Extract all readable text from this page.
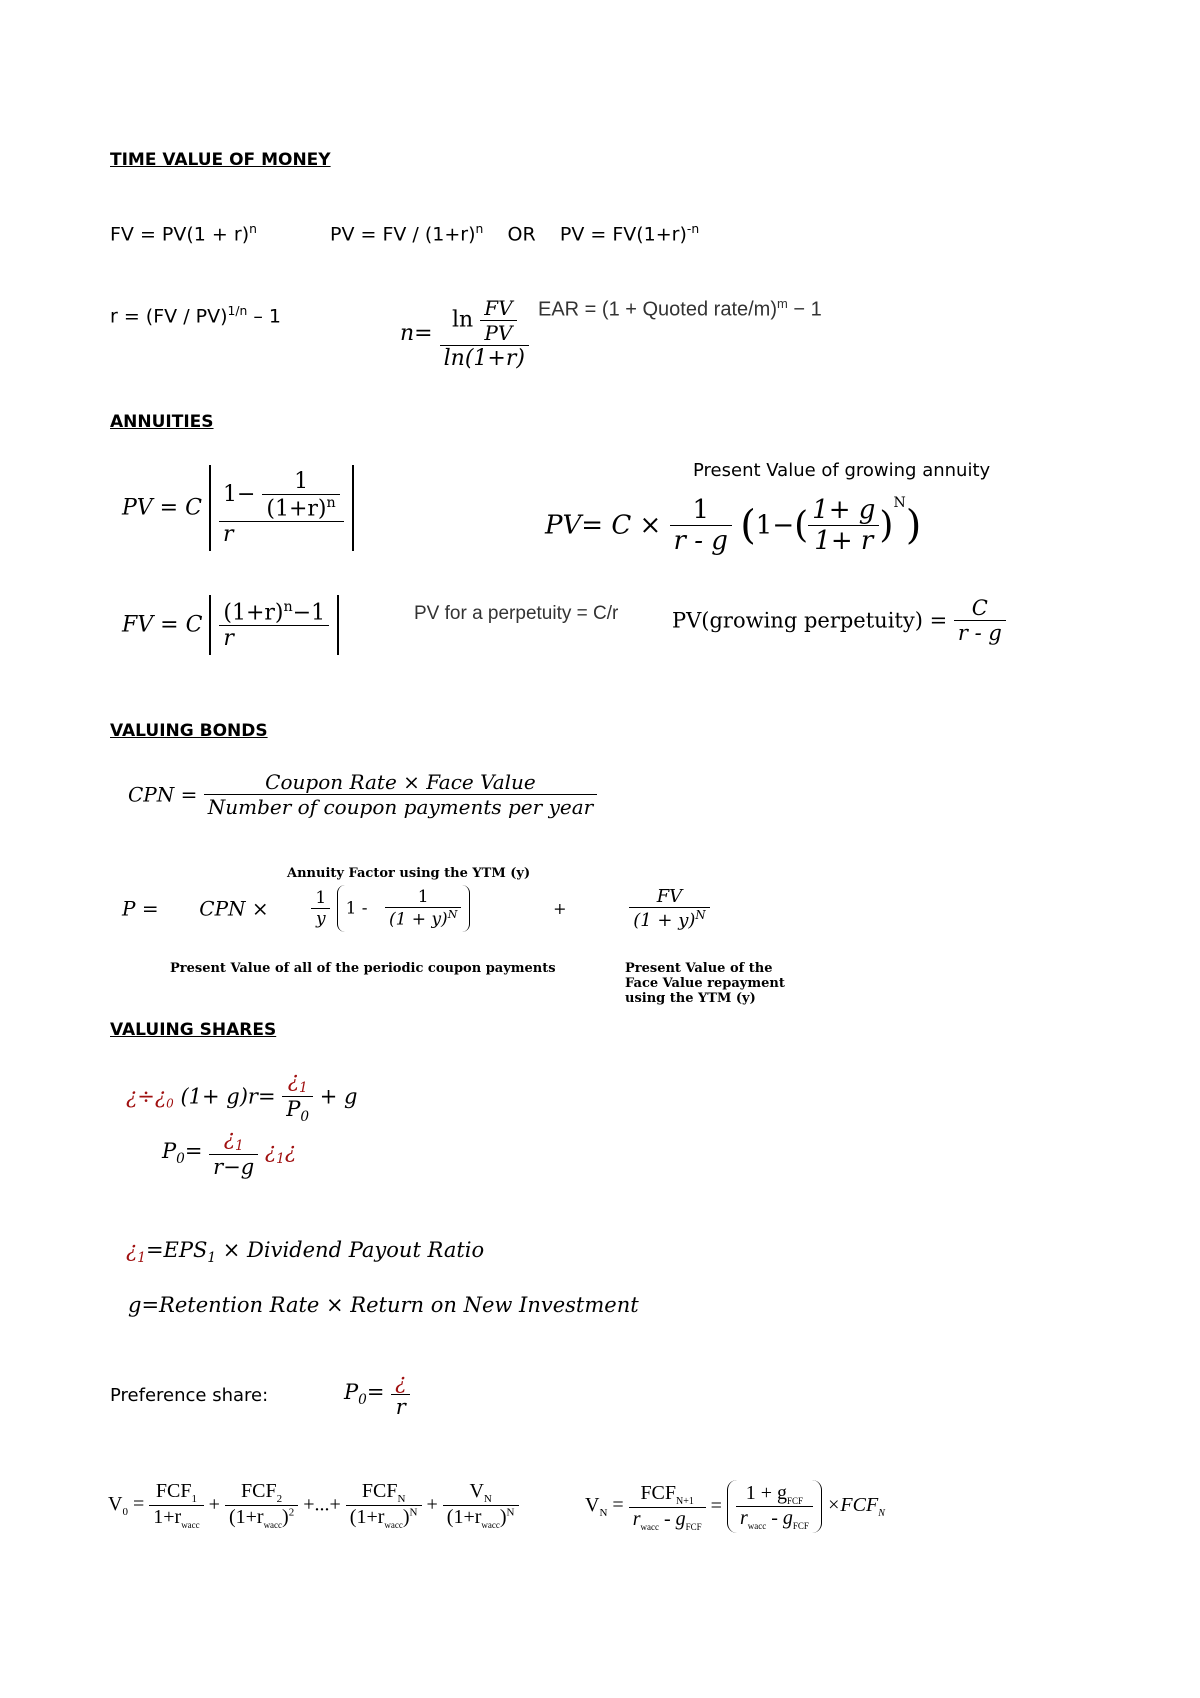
TIME VALUE OF MONEY
FV = $PV(1 + r)^n$	PV = FV / $(1+r)^n$ OR PV = $FV(1+r)^{-n}$
r = (FV / PV)$^{1/n}$ – 1
$n= \frac{\ln \frac{FV}{PV}}{\ln(1+r)}$ EAR = (1 + Quoted rate/m)$^m$ − 1
ANNUITIES
PV = C $\frac{1- \frac{1}{(1+r)^n}}{r}$
FV = C $\frac{(1+r)^n-1}{r}$
Present Value of growing annuity
$PV= C \times \frac{1}{r - g} (1-( \frac{1+ g}{1+ r} )^N)$
PV for a perpetuity = C/r	PV(growing perpetuity) = $\frac{C}{r - g}$
VALUING BONDS
CPN = $\frac{\text{Coupon Rate × Face Value}}{\text{Number of coupon payments per year}}$
Annuity Factor using the YTM (y)
P = CPN ×	$\frac{1}{y} 1 - \frac{1}{(1 + y)^N}$	+	$\frac{FV}{(1 + y)^N}$
Present Value of all of the periodic coupon payments	Present Value of the
Face Value repayment
using the YTM (y)
VALUING SHARES
¿$\div¿_0$ $(1+ g)r= \frac{¿_1}{P_0} + g$
$P_0= \frac{¿_1}{r-g}$ ¿$_1¿$
¿$_1=EPS_1$ × Dividend Payout Ratio
g=Retention Rate × Return on New Investment
Preference share:	$P_0= \frac{¿}{r}$
$V_0 = \frac{FCF_1}{1+r_{wacc}} + \frac{FCF_2}{(1+r_{wacc})^2}$ +...+ $\frac{FCF_N}{(1+r_{wacc})^N} + \frac{V_N}{(1+r_{wacc})^N}$	$V_N = \frac{FCF_{N+1}}{r_{wacc} - g_{FCF}} = \frac{1 + g_{FCF}}{r_{wacc} - g_{FCF}} \times FCF_N$
